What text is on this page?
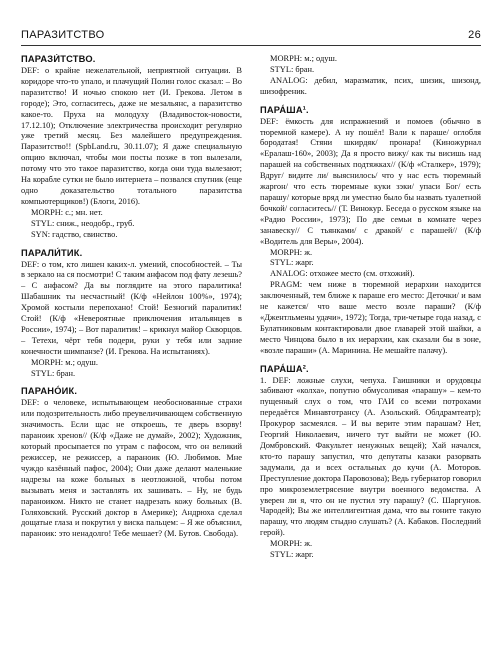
ПАРАЗИТСТВО	26
ПАРАЗИ́ТСТВО.

DEF: о крайне нежелательной, неприятной ситуации. В коридоре что-то упало, и плачущий Полин голос сказал: – Во паразитство! И ночью спокою нет (И. Грекова. Летом в городе); Это, согласитесь, даже не мезальянс, а паразитство какое-то. Пруха на молодуху (Владивосток-новости, 17.12.10); Отключение электричества происходит регулярно уже третий месяц. Без малейшего предупреждения. Паразитство!! (SpbLand.ru, 30.11.07); Я даже специальную опцию включал, чтобы мои посты позже в топ вылезали, потому что это такое паразитство, когда они туда вылезают; На корабле сутки не было интернета – позвался спутник (еще одно доказательство тотального паразитства компьютерщиков!) (Блоги, 2016).

MORPH: с.; мн. нет.

STYL: сниж., неодобр., груб.

SYN: гадство, свинство.

ПАРАЛИ́ТИК.

DEF: о том, кто лишен каких-л. умений, способностей. – Ты в зеркало на ся посмотри! С таким анфасом под фату лезешь? – С анфасом? Да вы поглядите на этого паралитика! Шабашник ты несчастный! (К/ф «Нейлон 100%», 1974); Хромой костыли перепохано! Стой! Безногий паралитик! Стой! (К/ф «Невероятные приключения итальянцев в России», 1974); – Вот паралитик! – крикнул майор Скворцов. – Тетехи, чёрт тебя подери, руки у тебя или задние конечности шимпанзе? (И. Грекова. На испытаниях).

MORPH: м.; одуш.

STYL: бран.

ПАРАНО́ИК.

DEF: о человеке, испытывающем необоснованные страхи или подозрительность либо преувеличивающем собственную значимость. Если щас не откроешь, те дверь взорву! параноик хренов// (К/ф «Даже не думай», 2002); Художник, который просыпается по утрам с пафосом, что он великий режиссер, не режиссер, а параноик (Ю. Любимов. Мне чуждо казённый пафос, 2004); Они даже делают маленькие надрезы на коже больных в неотложной, чтобы потом вызывать меня и заставлять их зашивать. – Ну, не будь параноиком. Никто не станет надрезать кожу больных (В. Голяховский. Русский доктор в Америке); Андрюха сделал дощатые глаза и покрутил у виска пальцем: – Я же объяснил, параноик: это ненадолго! Тебе мешает? (М. Бутов. Свобода).

MORPH: м.; одуш.

STYL: бран.

ANALOG: дебил, маразматик, псих, шизик, шизонд, шизофреник.

ПАРА́ША¹.

DEF: ёмкость для испражнений и помоев (обычно в тюремной камере). А ну пошёл! Вали к параше/ оглобля бородатая! Стяни шкирдяк/ пронара! (Киножурнал «Ералаш-160», 2003); Да я просто вижу/ как ты висишь над парашей на собственных подтяжках// (К/ф «Сталкер», 1979); Вдруг/ видите ли/ выяснилось/ что у нас есть тюремный жаргон/ что есть тюремные куки зэки/ упаси Бог/ есть парашу/ которые вряд ли уместно было бы назвать туалетной бочкой/ согласитесь// (Т. Винокур. Беседа о русском языке на «Радио России», 1973); По две семьи в комнате через занавеску// С тьянками/ с дракой/ с парашей// (К/ф «Водитель для Веры», 2004).

MORPH: ж.

STYL: жарг.

ANALOG: отхожее место (см. отхожий).

PRAGM: чем ниже в тюремной иерархии находится заключенный, тем ближе к параше его место: Деточки/ и вам не кажется/ что ваше место возле параши? (К/ф «Джентльмены удачи», 1972); Тогда, три-четыре года назад, с Булатниковым контактировали двое главарей этой шайки, а место Чинцова было в их иерархии, как сказали бы в зоне, «возле параши» (А. Маринина. Не мешайте палачу).

ПАРА́ША².

1. DEF: ложные слухи, чепуха. Гаишники и орудовцы забивают «колха», попутно обмусоливая «парашу» – кем-то пущенный слух о том, что ГАИ со всеми потрохами передаётся Минавтотрансу (А. Азольский. Облдрамтеатр); Прокурор засмеялся. – И вы верите этим парашам? Нет, Георгий Николаевич, ничего тут выйти не может (Ю. Домбровский. Факультет ненужных вещей); Хай начался, кто-то парашу запустил, что депутаты казаки разорвать задумали, да и всех остальных до кучи (А. Моторов. Преступление доктора Паровозова); Ведь губернатор говорил про микроземлетрясение внутри военного ведомства. А уверен ли я, что он не пустил эту парашу? (С. Шаргунов. Чародей); Вы же интеллигентная дама, что вы гоните такую парашу, что людям стыдно слушать? (А. Кабаков. Последний герой).

MORPH: ж.

STYL: жарг.
